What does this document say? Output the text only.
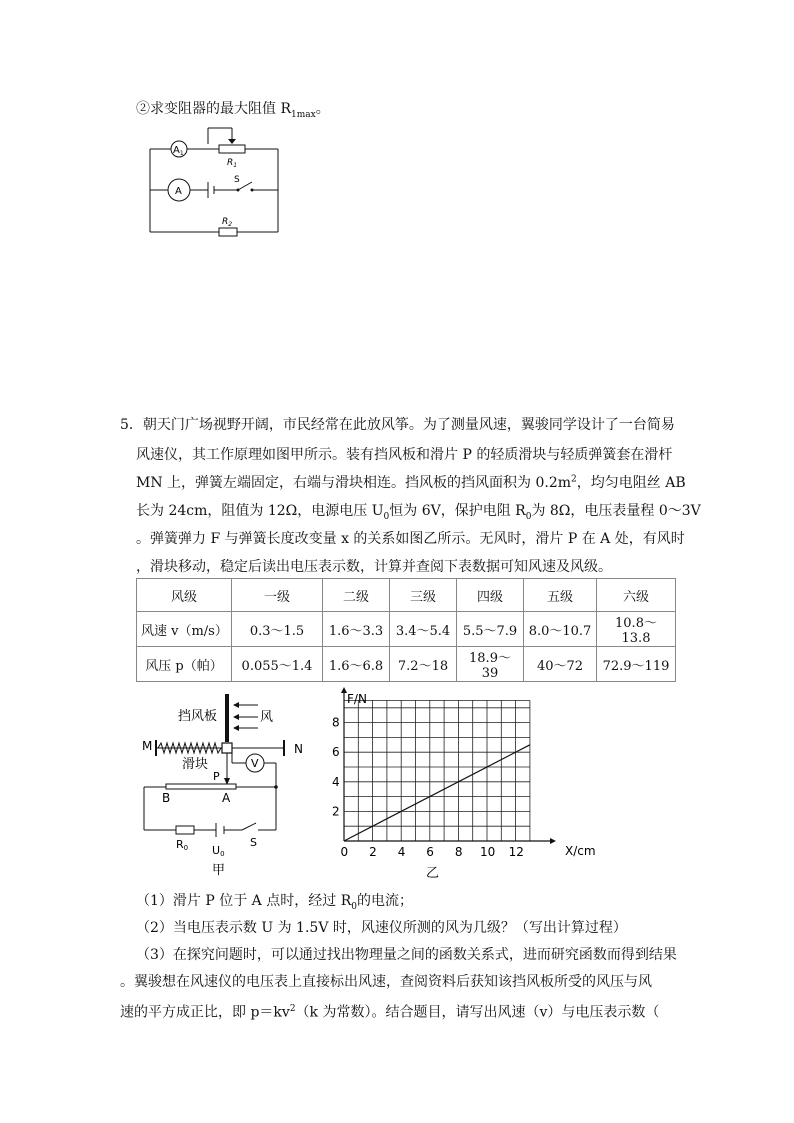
②求变阻器的最大阻值 $R_{1max}$。
$A_1$
$R_1$
A
S
$R_2$
5．朝天门广场视野开阔，市民经常在此放风筝。为了测量风速，翼骏同学设计了一台简易
风速仪，其工作原理如图甲所示。装有挡风板和滑片 P 的轻质滑块与轻质弹簧套在滑杆
MN 上，弹簧左端固定，右端与滑块相连。挡风板的挡风面积为 $0.2m^2$，均匀电阻丝 AB
长为 24cm，阻值为 12Ω，电源电压 $U_0$恒为 6V，保护电阻 $R_0$为 8Ω，电压表量程 0～3V
。弹簧弹力 F 与弹簧长度改变量 x 的关系如图乙所示。无风时，滑片 P 在 A 处，有风时
，滑块移动，稳定后读出电压表示数，计算并查阅下表数据可知风速及风级。
风级	一级	二级	三级	四级	五级	六级
风速 v（m/s）	0.3～1.5	1.6～3.3	3.4～5.4	5.5～7.9	8.0～10.7	10.8～13.8
风压 p（帕）	0.055～1.4	1.6～6.8	7.2～18	18.9～39	40～72	72.9～119
挡风板	风
M	N
滑块
P
V
B	A
R0 U0
S
甲
F/N
X/cm
0 2 4 6 8 10 12
2
4
6
8
乙
（1）滑片 P 位于 A 点时，经过 $R_0$的电流；
（2）当电压表示数 U 为 1.5V 时，风速仪所测的风为几级？（写出计算过程）
（3）在探究问题时，可以通过找出物理量之间的函数关系式，进而研究函数而得到结果
。翼骏想在风速仪的电压表上直接标出风速，查阅资料后获知该挡风板所受的风压与风
速的平方成正比，即 $p=kv^2(k$ 为常数）。结合题目，请写出风速（v）与电压表示数（
